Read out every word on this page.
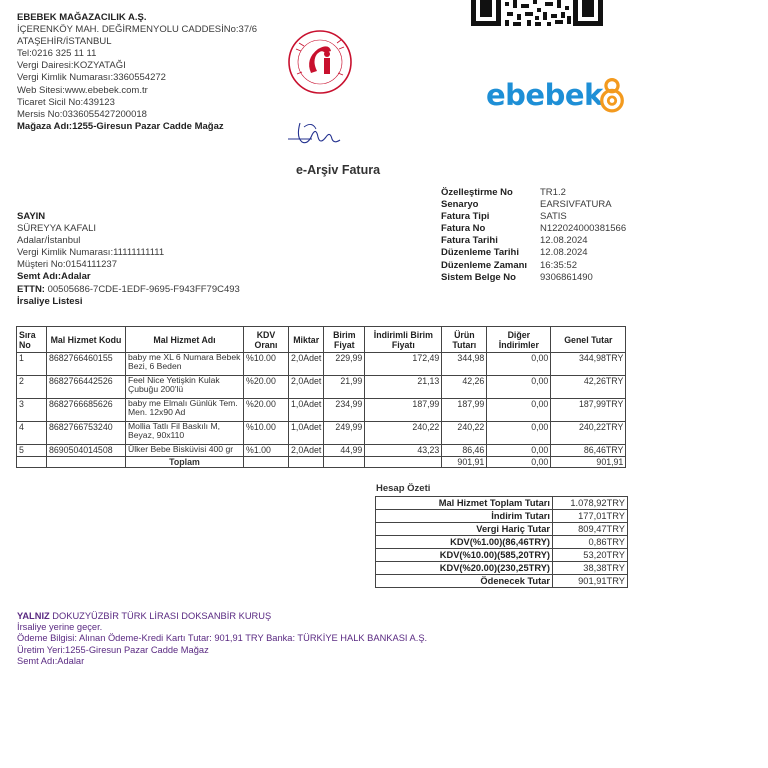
EBEBEK MAĞAZACILIK A.Ş.
İÇERENKÖY MAH. DEĞİRMENYOLU CADDESİNo:37/6
ATAŞEHİR/İSTANBUL
Tel:0216 325 11 11
Vergi Dairesi:KOZYATAĞI
Vergi Kimlik Numarası:3360554272
Web Sitesi:www.ebebek.com.tr
Ticaret Sicil No:439123
Mersis No:0336055427200018
Mağaza Adı:1255-Giresun Pazar Cadde Mağaz
ebebek
e-Arşiv Fatura
Özelleştirme No	TR1.2
Senaryo	EARSIVFATURA
Fatura Tipi	SATIS
Fatura No	N122024000381566
Fatura Tarihi	12.08.2024
Düzenleme Tarihi	12.08.2024
Düzenleme Zamanı	16:35:52
Sistem Belge No	9306861490
SAYIN
SÜREYYA KAFALI
Adalar/İstanbul
Vergi Kimlik Numarası:11111111111
Müşteri No:0154111237
Semt Adı:Adalar
ETTN: 00505686-7CDE-1EDF-9695-F943FF79C493
İrsaliye Listesi
Sıra No	Mal Hizmet Kodu	Mal Hizmet Adı	KDV Oranı	Miktar	Birim Fiyat	İndirimli Birim Fiyatı	Ürün Tutarı	Diğer İndirimler	Genel Tutar
1	8682766460155	baby me XL 6 Numara Bebek Bezi, 6 Beden	%10.00	2,0Adet	229,99	172,49	344,98	0,00	344,98TRY
2	8682766442526	Feel Nice Yetişkin Kulak Çubuğu 200'lü	%20.00	2,0Adet	21,99	21,13	42,26	0,00	42,26TRY
3	8682766685626	baby me Elmalı Günlük Tem. Men. 12x90 Ad	%20.00	1,0Adet	234,99	187,99	187,99	0,00	187,99TRY
4	8682766753240	Mollia Tatlı Fil Baskılı M, Beyaz, 90x110	%10.00	1,0Adet	249,99	240,22	240,22	0,00	240,22TRY
5	8690504014508	Ülker Bebe Bisküvisi 400 gr	%1.00	2,0Adet	44,99	43,23	86,46	0,00	86,46TRY
		Toplam					901,91	0,00	901,91
Hesap Özeti
Mal Hizmet Toplam Tutarı	1.078,92TRY
İndirim Tutarı	177,01TRY
Vergi Hariç Tutar	809,47TRY
KDV(%1.00)(86,46TRY)	0,86TRY
KDV(%10.00)(585,20TRY)	53,20TRY
KDV(%20.00)(230,25TRY)	38,38TRY
Ödenecek Tutar	901,91TRY
YALNIZ DOKUZYÜZBİR TÜRK LİRASI DOKSANBİR KURUŞ
İrsaliye yerine geçer.
Ödeme Bilgisi: Alınan Ödeme-Kredi Kartı Tutar: 901,91 TRY Banka: TÜRKİYE HALK BANKASI A.Ş.
Üretim Yeri:1255-Giresun Pazar Cadde Mağaz
Semt Adı:Adalar
